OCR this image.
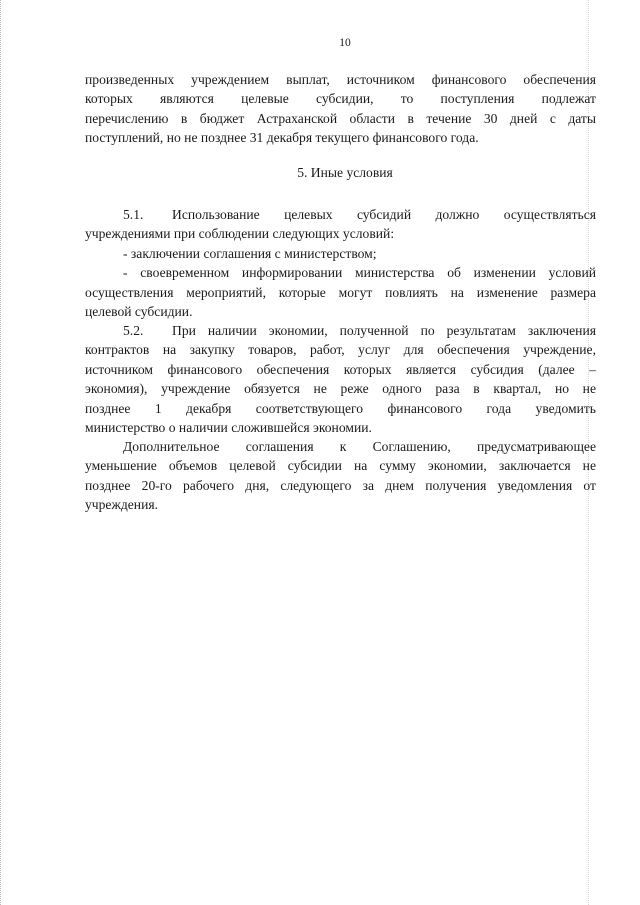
10

произведенных учреждением выплат, источником финансового обеспечения

которых являются целевые субсидии, то поступления подлежат

перечислению в бюджет Астраханской области в течение 30 дней с даты

поступлений, но не позднее 31 декабря текущего финансового года.

5. Иные условия

5.1. Использование целевых субсидий должно осуществляться

учреждениями при соблюдении следующих условий:

- заключении соглашения с министерством;

- своевременном информировании министерства об изменении условий

осуществления мероприятий, которые могут повлиять на изменение размера

целевой субсидии.

5.2. При наличии экономии, полученной по результатам заключения

контрактов на закупку товаров, работ, услуг для обеспечения учреждение,

источником финансового обеспечения которых является субсидия (далее –

экономия), учреждение обязуется не реже одного раза в квартал, но не

позднее 1 декабря соответствующего финансового года уведомить

министерство о наличии сложившейся экономии.

Дополнительное соглашения к Соглашению, предусматривающее

уменьшение объемов целевой субсидии на сумму экономии, заключается не

позднее 20-го рабочего дня, следующего за днем получения уведомления от

учреждения.
